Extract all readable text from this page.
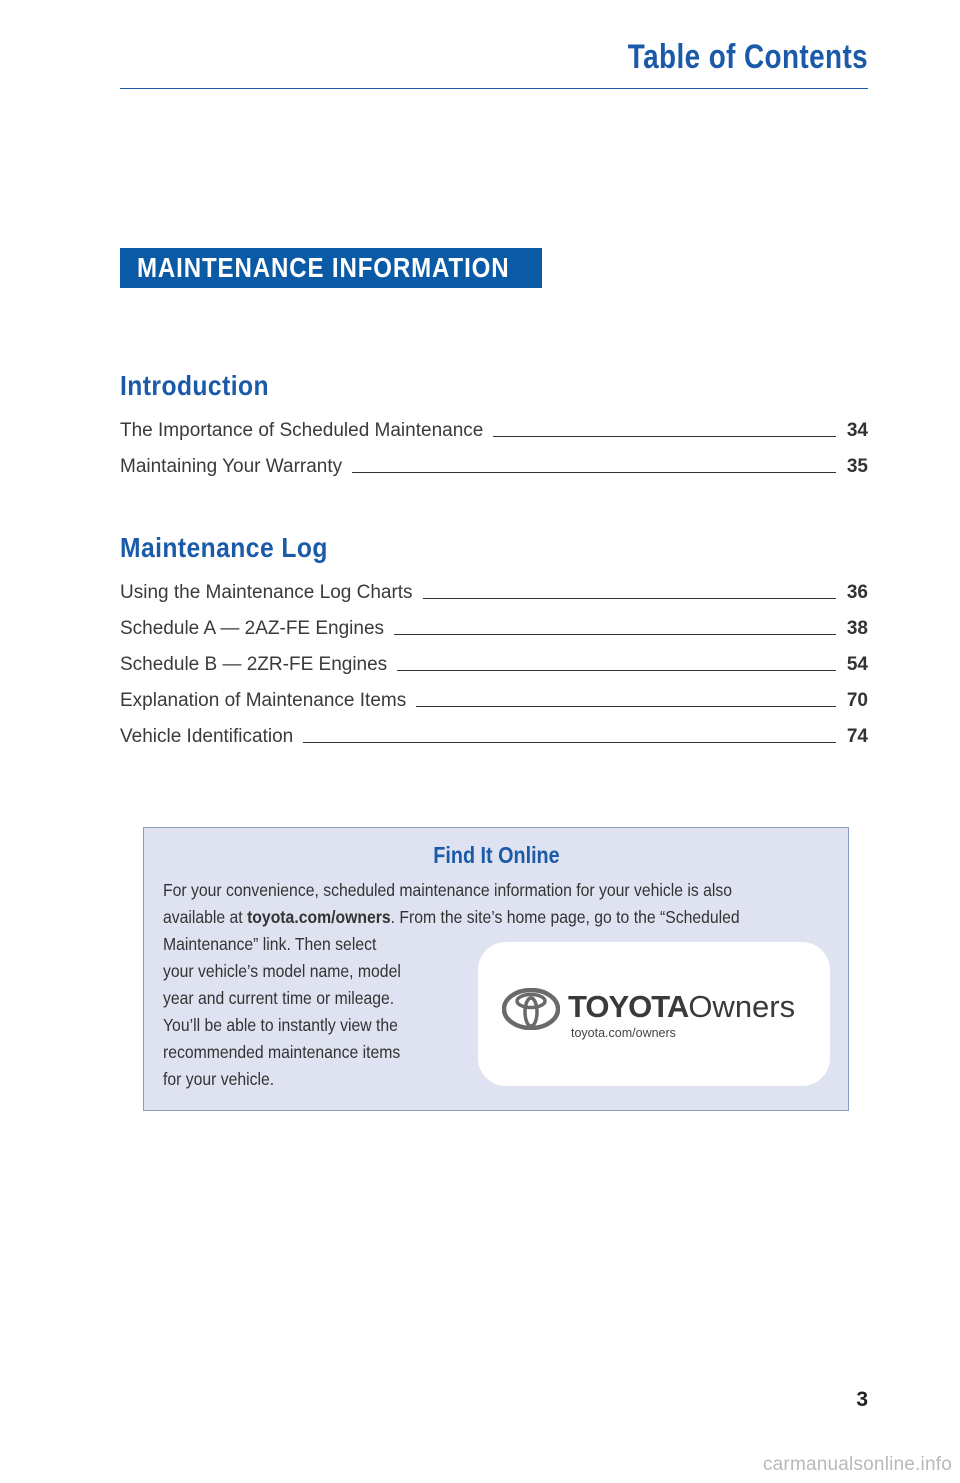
Table of Contents
MAINTENANCE INFORMATION
Introduction
The Importance of Scheduled Maintenance	34
Maintaining Your Warranty	35
Maintenance Log
Using the Maintenance Log Charts	36
Schedule A — 2AZ-FE Engines	38
Schedule B — 2ZR-FE Engines	54
Explanation of Maintenance Items	70
Vehicle Identification	74
Find It Online
For your convenience, scheduled maintenance information for your vehicle is also
available at toyota.com/owners. From the site’s home page, go to the “Scheduled
Maintenance” link. Then select
your vehicle’s model name, model
year and current time or mileage.
You’ll be able to instantly view the
recommended maintenance items
for your vehicle.
TOYOTAOwners
toyota.com/owners
3
carmanualsonline.info
